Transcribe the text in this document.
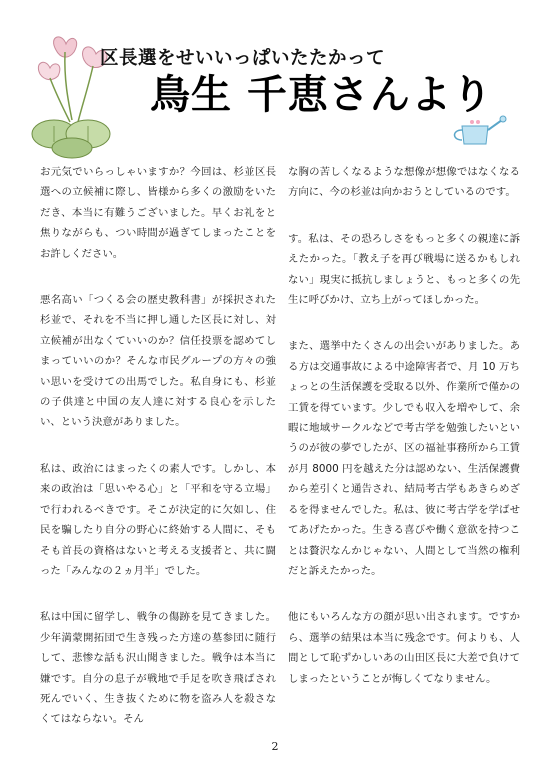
区長選をせいいっぱいたたかって
鳥生 千恵さんより

お元気でいらっしゃいますか？今回は、杉並区長選への立候補に際し、皆様から多くの激励をいただき、本当に有難うございました。早くお礼をと焦りながらも、つい時間が過ぎてしまったことをお許しください。

悪名高い「つくる会の歴史教科書」が採択された杉並で、それを不当に押し通した区長に対し、対立候補が出なくていいのか？信任投票を認めてしまっていいのか？そんな市民グループの方々の強い思いを受けての出馬でした。私自身にも、杉並の子供達と中国の友人達に対する良心を示したい、という決意がありました。

私は、政治にはまったくの素人です。しかし、本来の政治は「思いやる心」と「平和を守る立場」で行われるべきです。そこが決定的に欠如し、住民を騙したり自分の野心に終始する人間に、そもそも首長の資格はないと考える支援者と、共に闘った「みんなの２ヵ月半」でした。

私は中国に留学し、戦争の傷跡を見てきました。少年満蒙開拓団で生き残った方達の墓参団に随行して、悲惨な話も沢山聞きました。戦争は本当に嫌です。自分の息子が戦地で手足を吹き飛ばされ死んでいく、生き抜くために物を盗み人を殺さなくてはならない。そん

な胸の苦しくなるような想像が想像ではなくなる方向に、今の杉並は向かおうとしているのです。

す。私は、その恐ろしさをもっと多くの親達に訴えたかった。「教え子を再び戦場に送るかもしれない」現実に抵抗しましょうと、もっと多くの先生に呼びかけ、立ち上がってほしかった。

また、選挙中たくさんの出会いがありました。ある方は交通事故による中途障害者で、月 10 万ちょっとの生活保護を受取る以外、作業所で僅かの工賃を得ています。少しでも収入を増やして、余暇に地域サークルなどで考古学を勉強したいというのが彼の夢でしたが、区の福祉事務所から工賃が月 8000 円を越えた分は認めない、生活保護費から差引くと通告され、結局考古学もあきらめざるを得ませんでした。私は、彼に考古学を学ばせてあげたかった。生きる喜びや働く意欲を持つことは贅沢なんかじゃない、人間として当然の権利だと訴えたかった。

他にもいろんな方の顔が思い出されます。ですから、選挙の結果は本当に残念です。何よりも、人間として恥ずかしいあの山田区長に大差で負けてしまったということが悔しくてなりません。

2
